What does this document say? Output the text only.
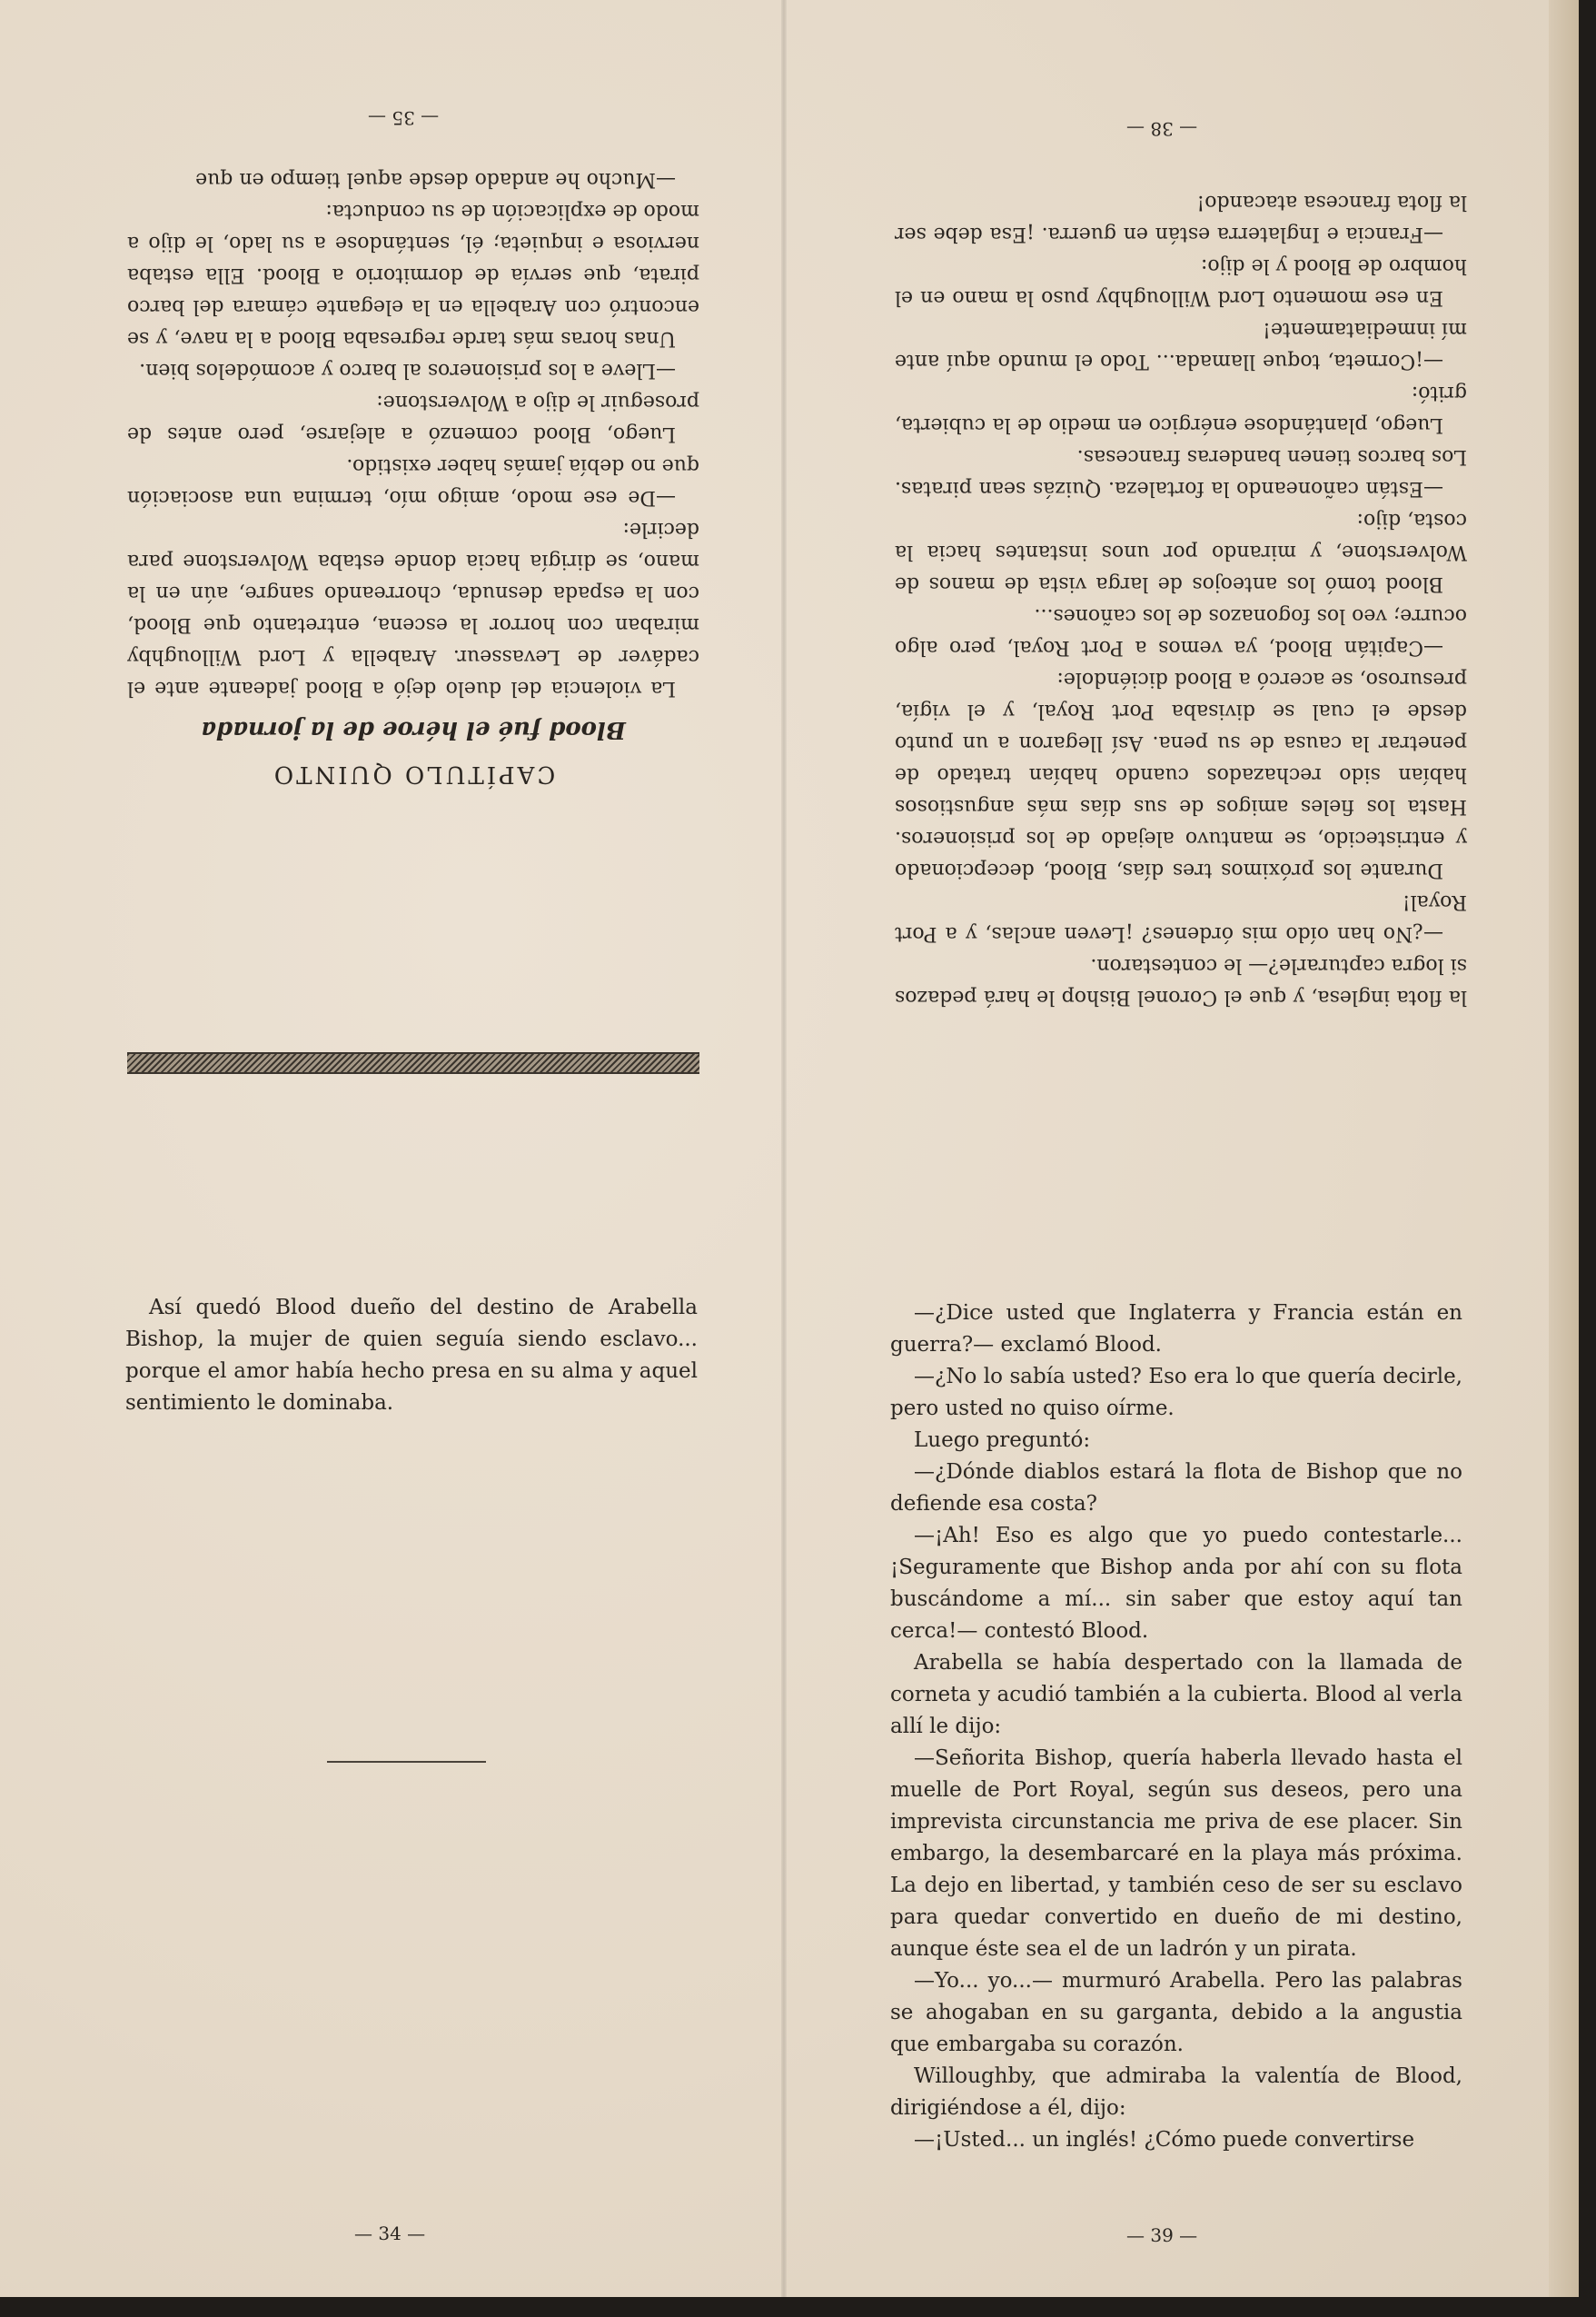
— 35 —	— 38 —

CAPÍTULO QUINTO

Blood fué el héroe de la jornada

La violencia del duelo dejó a Blood jadeante ante el cadáver de Levasseur. Arabella y Lord Willoughby miraban con horror la escena, entretanto que Blood, con la espada desnuda, chorreando sangre, aún en la mano, se dirigía hacia donde estaba Wolverstone para decirle:

—De ese modo, amigo mío, termina una asociación que no debía jamás haber existido.

Luego, Blood comenzó a alejarse, pero antes de proseguir le dijo a Wolverstone:

—Lleve a los prisioneros al barco y acomódelos bien.

Unas horas más tarde regresaba Blood a la nave, y se encontró con Arabella en la elegante cámara del barco pirata, que servía de dormitorio a Blood. Ella estaba nerviosa e inquieta; él, sentándose a su lado, le dijo a modo de explicación de su conducta:

—Mucho he andado desde aquel tiempo en que

la flota inglesa, y que el Coronel Bishop le hará pedazos si logra capturarle?— le contestaron.

—¿No han oído mis órdenes? ¡Leven anclas, y a Port Royal!

Durante los próximos tres días, Blood, decepcionado y entristecido, se mantuvo alejado de los prisioneros. Hasta los fieles amigos de sus días más angustiosos habían sido rechazados cuando habían tratado de penetrar la causa de su pena. Así llegaron a un punto desde el cual se divisaba Port Royal, y el vigía, presuroso, se acercó a Blood diciéndole:

—Capitán Blood, ya vemos a Port Royal, pero algo ocurre; veo los fogonazos de los cañones...

Blood tomó los anteojos de larga vista de manos de Wolverstone, y mirando por unos instantes hacia la costa, dijo:

—Están cañoneando la fortaleza. Quizás sean piratas. Los barcos tienen banderas francesas.

Luego, plantándose enérgico en medio de la cubierta, gritó:

—¡Corneta, toque llamada... Todo el mundo aquí ante mí inmediatamente!

En ese momento Lord Willoughby puso la mano en el hombro de Blood y le dijo:

—Francia e Inglaterra están en guerra. ¡Esa debe ser la flota francesa atacando!

Así quedó Blood dueño del destino de Arabella Bishop, la mujer de quien seguía siendo esclavo... porque el amor había hecho presa en su alma y aquel sentimiento le dominaba.

—¿Dice usted que Inglaterra y Francia están en guerra?— exclamó Blood.

—¿No lo sabía usted? Eso era lo que quería decirle, pero usted no quiso oírme.

Luego preguntó:

—¿Dónde diablos estará la flota de Bishop que no defiende esa costa?

—¡Ah! Eso es algo que yo puedo contestarle... ¡Seguramente que Bishop anda por ahí con su flota buscándome a mí... sin saber que estoy aquí tan cerca!— contestó Blood.

Arabella se había despertado con la llamada de corneta y acudió también a la cubierta. Blood al verla allí le dijo:

—Señorita Bishop, quería haberla llevado hasta el muelle de Port Royal, según sus deseos, pero una imprevista circunstancia me priva de ese placer. Sin embargo, la desembarcaré en la playa más próxima. La dejo en libertad, y también ceso de ser su esclavo para quedar convertido en dueño de mi destino, aunque éste sea el de un ladrón y un pirata.

—Yo... yo...— murmuró Arabella. Pero las palabras se ahogaban en su garganta, debido a la angustia que embargaba su corazón.

Willoughby, que admiraba la valentía de Blood, dirigiéndose a él, dijo:

—¡Usted... un inglés! ¿Cómo puede convertirse

— 34 —	— 39 —
